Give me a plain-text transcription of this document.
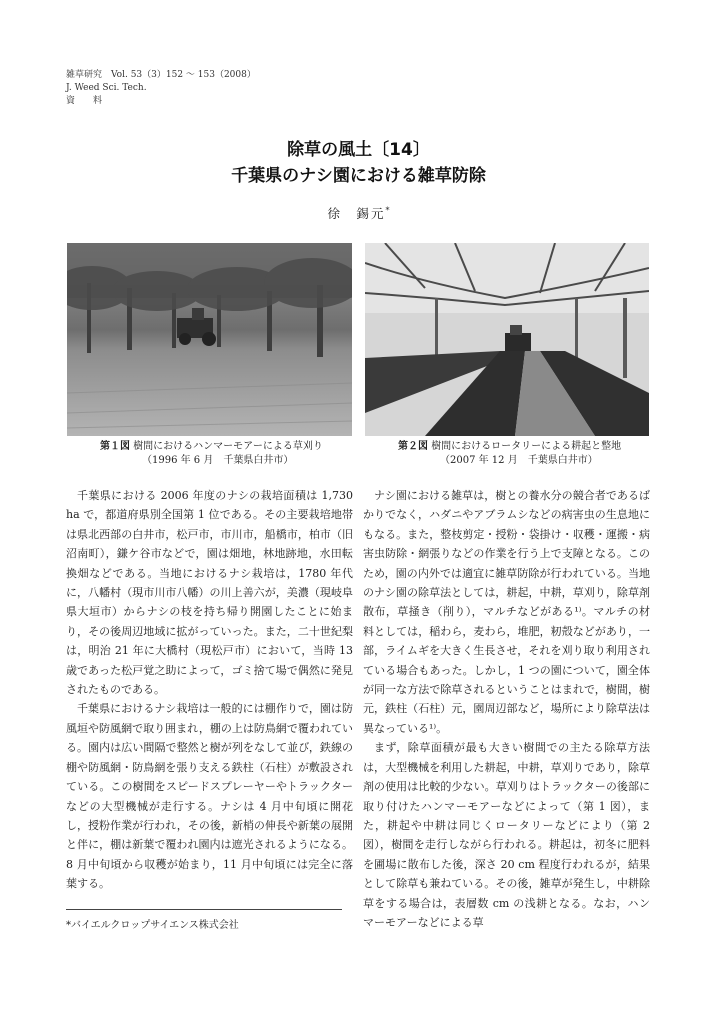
雑草研究　Vol. 53（3）152 ～ 153（2008）
J. Weed Sci. Tech.
資　　料
除草の風土〔14〕
千葉県のナシ園における雑草防除
徐　錫元*
第１図 樹間におけるハンマーモアーによる草刈り
（1996 年 6 月　千葉県白井市）
第２図 樹間におけるロータリーによる耕起と整地
（2007 年 12 月　千葉県白井市）

千葉県における 2006 年度のナシの栽培面積は 1,730 ha で，都道府県別全国第 1 位である。その主要栽培地帯は県北西部の白井市，松戸市，市川市，船橋市，柏市（旧沼南町），鎌ケ谷市などで，園は畑地，林地跡地，水田転換畑などである。当地におけるナシ栽培は，1780 年代に，八幡村（現市川市八幡）の川上善六が，美濃（現岐阜県大垣市）からナシの枝を持ち帰り開園したことに始まり，その後周辺地域に拡がっていった。また，二十世紀梨は，明治 21 年に大橋村（現松戸市）において，当時 13 歳であった松戸覚之助によって，ゴミ捨て場で偶然に発見されたものである。

千葉県におけるナシ栽培は一般的には棚作りで，園は防風垣や防風網で取り囲まれ，棚の上は防鳥網で覆われている。園内は広い間隔で整然と樹が列をなして並び，鉄線の棚や防風網・防鳥網を張り支える鉄柱（石柱）が敷設されている。この樹間をスピードスプレーヤーやトラックターなどの大型機械が走行する。ナシは 4 月中旬頃に開花し，授粉作業が行われ，その後，新梢の伸長や新葉の展開と伴に，棚は新葉で覆われ園内は遮光されるようになる。8 月中旬頃から収穫が始まり，11 月中旬頃には完全に落葉する。

ナシ園における雑草は，樹との養水分の競合者であるばかりでなく，ハダニやアブラムシなどの病害虫の生息地にもなる。また，整枝剪定・授粉・袋掛け・収穫・運搬・病害虫防除・網張りなどの作業を行う上で支障となる。このため，園の内外では適宜に雑草防除が行われている。当地のナシ園の除草法としては，耕起，中耕，草刈り，除草剤散布，草掻き（削り），マルチなどがある¹⁾。マルチの材料としては，稲わら，麦わら，堆肥，籾殻などがあり，一部，ライムギを大きく生長させ，それを刈り取り利用されている場合もあった。しかし，1 つの園について，園全体が同一な方法で除草されるということはまれで，樹間，樹元，鉄柱（石柱）元，園周辺部など，場所により除草法は異なっている¹⁾。

まず，除草面積が最も大きい樹間での主たる除草方法は，大型機械を利用した耕起，中耕，草刈りであり，除草剤の使用は比較的少ない。草刈りはトラックターの後部に取り付けたハンマーモアーなどによって（第 1 図），また，耕起や中耕は同じくロータリーなどにより（第 2 図），樹間を走行しながら行われる。耕起は，初冬に肥料を圃場に散布した後，深さ 20 cm 程度行われるが，結果として除草も兼ねている。その後，雑草が発生し，中耕除草をする場合は，表層数 cm の浅耕となる。なお，ハンマーモアーなどによる草

*バイエルクロップサイエンス株式会社
